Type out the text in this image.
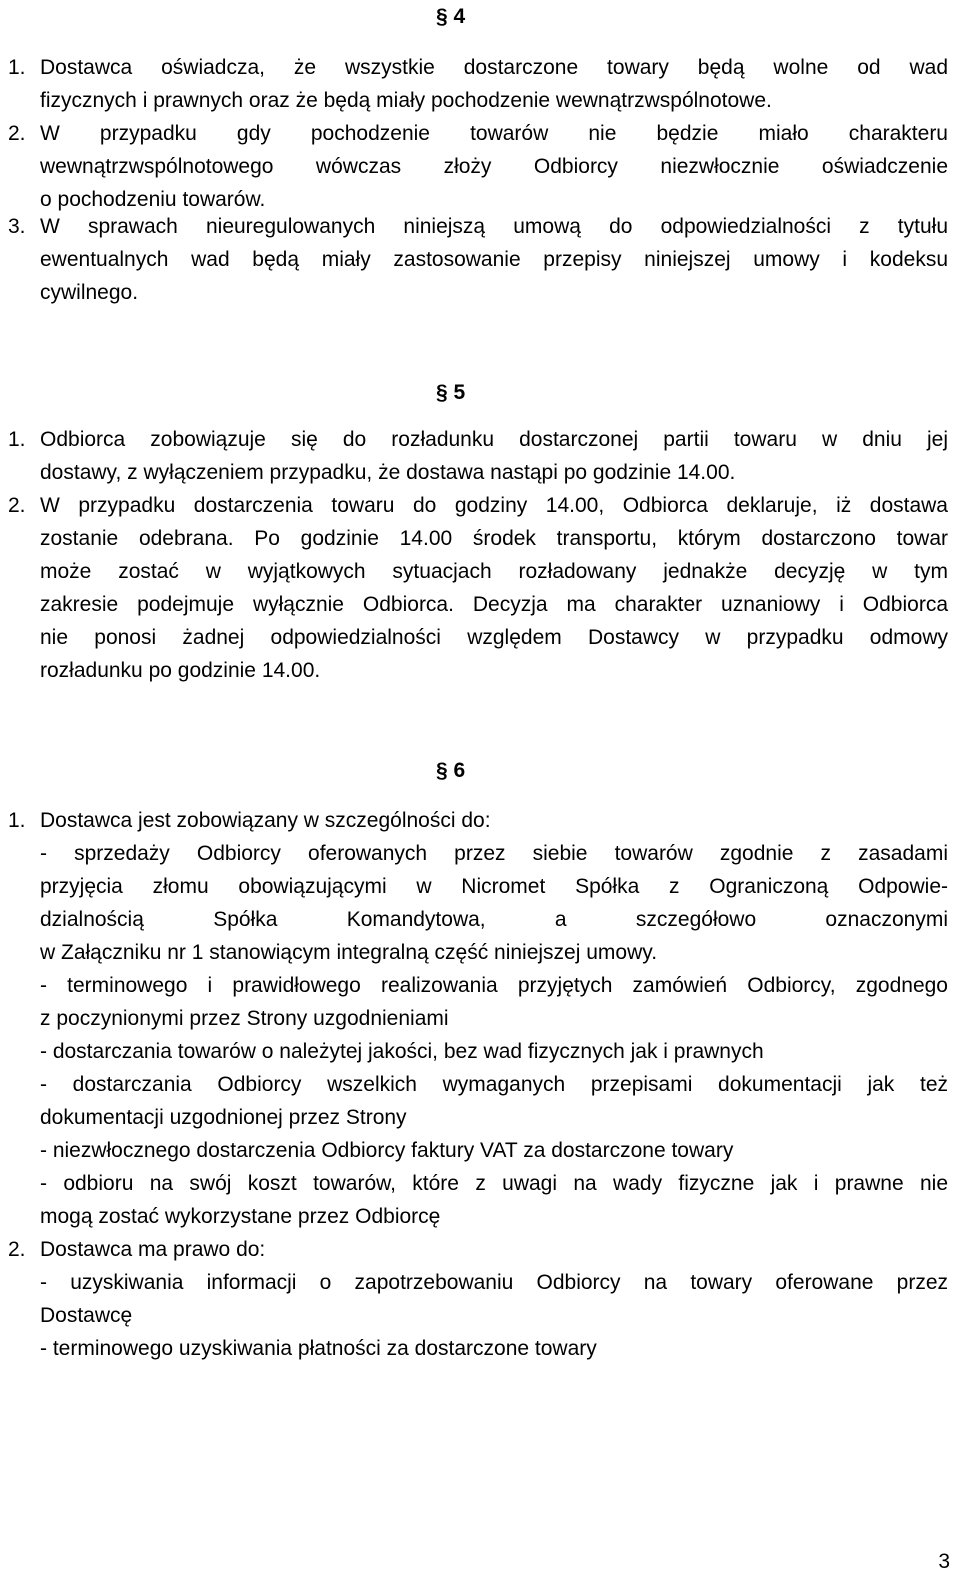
§ 4
1. Dostawca oświadcza, że wszystkie dostarczone towary będą wolne od wad
fizycznych i prawnych oraz że będą miały pochodzenie wewnątrzwspólnotowe.
2. W przypadku gdy pochodzenie towarów nie będzie miało charakteru
wewnątrzwspólnotowego wówczas złoży Odbiorcy niezwłocznie oświadczenie
o pochodzeniu towarów.
3. W sprawach nieuregulowanych niniejszą umową do odpowiedzialności z tytułu
ewentualnych wad będą miały zastosowanie przepisy niniejszej umowy i kodeksu
cywilnego.
§ 5
1. Odbiorca zobowiązuje się do rozładunku dostarczonej partii towaru w dniu jej
dostawy, z wyłączeniem przypadku, że dostawa nastąpi po godzinie 14.00.
2. W przypadku dostarczenia towaru do godziny 14.00, Odbiorca deklaruje, iż dostawa
zostanie odebrana. Po godzinie 14.00 środek transportu, którym dostarczono towar
może zostać w wyjątkowych sytuacjach rozładowany jednakże decyzję w tym
zakresie podejmuje wyłącznie Odbiorca. Decyzja ma charakter uznaniowy i Odbiorca
nie ponosi żadnej odpowiedzialności względem Dostawcy w przypadku odmowy
rozładunku po godzinie 14.00.
§ 6
1. Dostawca jest zobowiązany w szczególności do:
- sprzedaży Odbiorcy oferowanych przez siebie towarów zgodnie z zasadami
przyjęcia złomu obowiązującymi w Nicromet Spółka z Ograniczoną Odpowie-
dzialnością Spółka Komandytowa, a szczegółowo oznaczonymi
w Załączniku nr 1 stanowiącym integralną część niniejszej umowy.
- terminowego i prawidłowego realizowania przyjętych zamówień Odbiorcy, zgodnego
z poczynionymi przez Strony uzgodnieniami
- dostarczania towarów o należytej jakości, bez wad fizycznych jak i prawnych
- dostarczania Odbiorcy wszelkich wymaganych przepisami dokumentacji jak też
dokumentacji uzgodnionej przez Strony
- niezwłocznego dostarczenia Odbiorcy faktury VAT za dostarczone towary
- odbioru na swój koszt towarów, które z uwagi na wady fizyczne jak i prawne nie
mogą zostać wykorzystane przez Odbiorcę
2. Dostawca ma prawo do:
- uzyskiwania informacji o zapotrzebowaniu Odbiorcy na towary oferowane przez
Dostawcę
- terminowego uzyskiwania płatności za dostarczone towary
3
